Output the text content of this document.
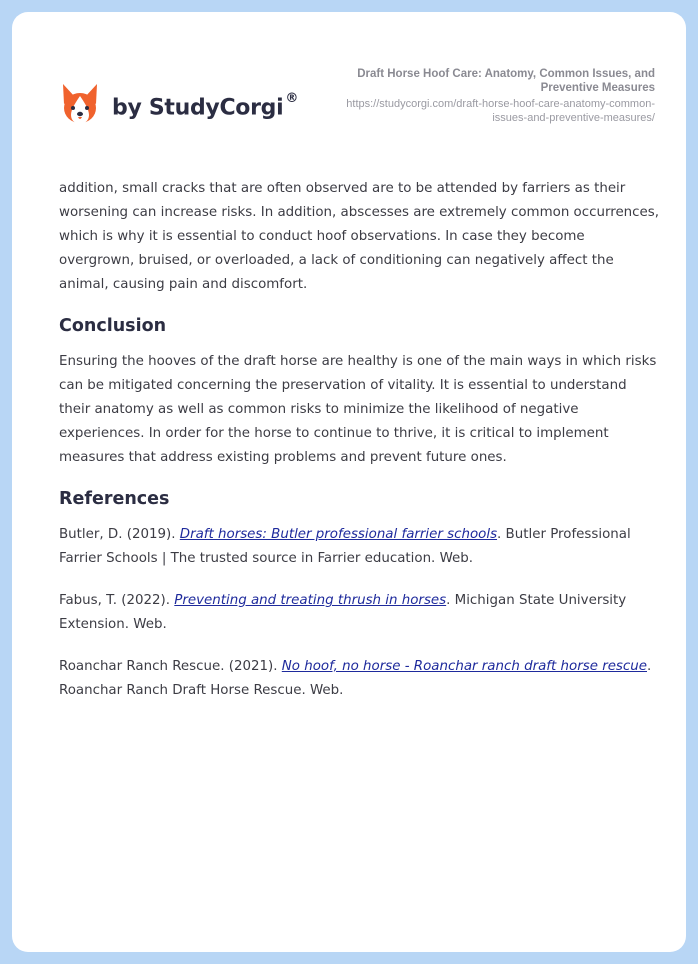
by StudyCorgi ®
Draft Horse Hoof Care: Anatomy, Common Issues, and Preventive Measures
https://studycorgi.com/draft-horse-hoof-care-anatomy-common-issues-and-preventive-measures/

addition, small cracks that are often observed are to be attended by farriers as their worsening can increase risks. In addition, abscesses are extremely common occurrences, which is why it is essential to conduct hoof observations. In case they become overgrown, bruised, or overloaded, a lack of conditioning can negatively affect the animal, causing pain and discomfort.

Conclusion

Ensuring the hooves of the draft horse are healthy is one of the main ways in which risks can be mitigated concerning the preservation of vitality. It is essential to understand their anatomy as well as common risks to minimize the likelihood of negative experiences. In order for the horse to continue to thrive, it is critical to implement measures that address existing problems and prevent future ones.

References

Butler, D. (2019). Draft horses: Butler professional farrier schools. Butler Professional Farrier Schools | The trusted source in Farrier education. Web.

Fabus, T. (2022). Preventing and treating thrush in horses. Michigan State University Extension. Web.

Roanchar Ranch Rescue. (2021). No hoof, no horse - Roanchar ranch draft horse rescue. Roanchar Ranch Draft Horse Rescue. Web.
